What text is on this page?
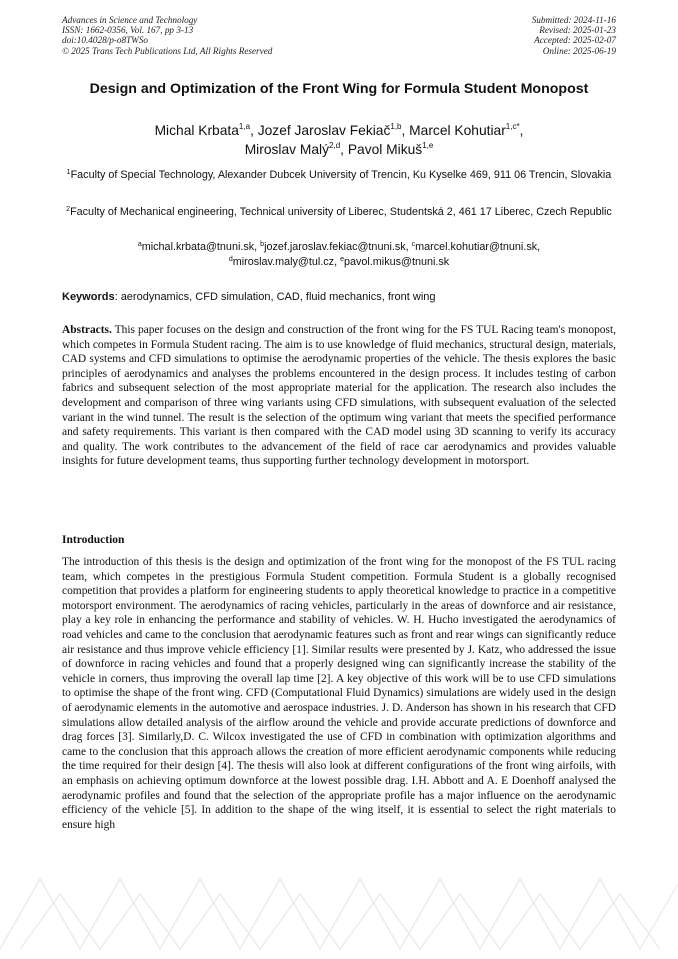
Advances in Science and Technology
ISSN: 1662-0356, Vol. 167, pp 3-13
doi:10.4028/p-o8TWSo
© 2025 Trans Tech Publications Ltd, All Rights Reserved
Submitted: 2024-11-16
Revised: 2025-01-23
Accepted: 2025-02-07
Online: 2025-06-19
Design and Optimization of the Front Wing for Formula Student Monopost
Michal Krbata$^{1,a}$, Jozef Jaroslav Fekiač$^{1,b}$, Marcel Kohutiar$^{1,c*}$,
Miroslav Malý$^{2,d}$, Pavol Mikuš$^{1,e}$
$^1$Faculty of Special Technology, Alexander Dubcek University of Trencin, Ku Kyselke 469, 911 06 Trencin, Slovakia
$^2$Faculty of Mechanical engineering, Technical university of Liberec, Studentská 2, 461 17 Liberec, Czech Republic
$^a$michal.krbata@tnuni.sk, $^b$jozef.jaroslav.fekiac@tnuni.sk, $^c$marcel.kohutiar@tnuni.sk,
$^d$miroslav.maly@tul.cz, $^e$pavol.mikus@tnuni.sk
Keywords: aerodynamics, CFD simulation, CAD, fluid mechanics, front wing
Abstracts. This paper focuses on the design and construction of the front wing for the FS TUL Racing team's monopost, which competes in Formula Student racing. The aim is to use knowledge of fluid mechanics, structural design, materials, CAD systems and CFD simulations to optimise the aerodynamic properties of the vehicle. The thesis explores the basic principles of aerodynamics and analyses the problems encountered in the design process. It includes testing of carbon fabrics and subsequent selection of the most appropriate material for the application. The research also includes the development and comparison of three wing variants using CFD simulations, with subsequent evaluation of the selected variant in the wind tunnel. The result is the selection of the optimum wing variant that meets the specified performance and safety requirements. This variant is then compared with the CAD model using 3D scanning to verify its accuracy and quality. The work contributes to the advancement of the field of race car aerodynamics and provides valuable insights for future development teams, thus supporting further technology development in motorsport.
Introduction
The introduction of this thesis is the design and optimization of the front wing for the monopost of the FS TUL racing team, which competes in the prestigious Formula Student competition. Formula Student is a globally recognised competition that provides a platform for engineering students to apply theoretical knowledge to practice in a competitive motorsport environment. The aerodynamics of racing vehicles, particularly in the areas of downforce and air resistance, play a key role in enhancing the performance and stability of vehicles. W. H. Hucho investigated the aerodynamics of road vehicles and came to the conclusion that aerodynamic features such as front and rear wings can significantly reduce air resistance and thus improve vehicle efficiency [1]. Similar results were presented by J. Katz, who addressed the issue of downforce in racing vehicles and found that a properly designed wing can significantly increase the stability of the vehicle in corners, thus improving the overall lap time [2]. A key objective of this work will be to use CFD simulations to optimise the shape of the front wing. CFD (Computational Fluid Dynamics) simulations are widely used in the design of aerodynamic elements in the automotive and aerospace industries. J. D. Anderson has shown in his research that CFD simulations allow detailed analysis of the airflow around the vehicle and provide accurate predictions of downforce and drag forces [3]. Similarly,D. C. Wilcox investigated the use of CFD in combination with optimization algorithms and came to the conclusion that this approach allows the creation of more efficient aerodynamic components while reducing the time required for their design [4]. The thesis will also look at different configurations of the front wing airfoils, with an emphasis on achieving optimum downforce at the lowest possible drag. I.H. Abbott and A. E Doenhoff analysed the aerodynamic profiles and found that the selection of the appropriate profile has a major influence on the aerodynamic efficiency of the vehicle [5]. In addition to the shape of the wing itself, it is essential to select the right materials to ensure high
